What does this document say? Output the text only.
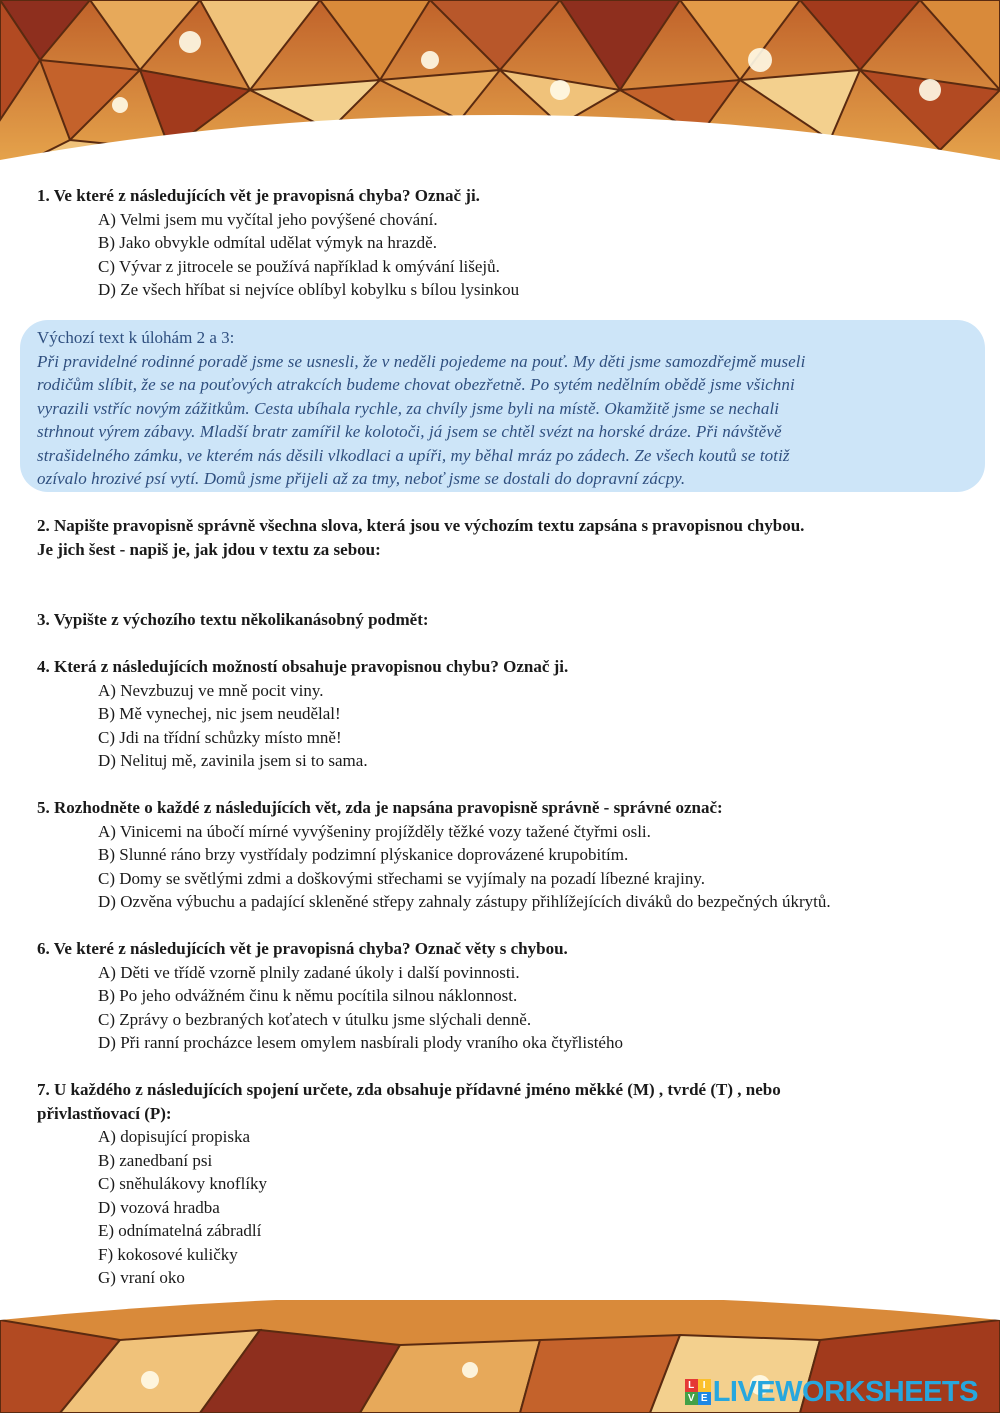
1. Ve které z následujících vět je pravopisná chyba? Označ ji.
A) Velmi jsem mu vyčítal jeho povýšené chování.
B) Jako obvykle odmítal udělat výmyk na hrazdě.
C) Vývar z jitrocele se používá například k omývání lišejů.
D) Ze všech hříbat si nejvíce oblíbyl kobylku s bílou lysinkou
Výchozí text k úlohám 2 a 3:
Při pravidelné rodinné poradě jsme se usnesli, že v neděli pojedeme na pouť. My děti jsme samozdřejmě museli
rodičům slíbit, že se na pouťových atrakcích budeme chovat obezřetně. Po sytém nedělním obědě jsme všichni
vyrazili vstříc novým zážitkům. Cesta ubíhala rychle, za chvíly jsme byli na místě. Okamžitě jsme se nechali
strhnout výrem zábavy. Mladší bratr zamířil ke kolotoči, já jsem se chtěl svézt na horské dráze. Při návštěvě
strašidelného zámku, ve kterém nás děsili vlkodlaci a upíři, my běhal mráz po zádech. Ze všech koutů se totiž
ozívalo hrozivé psí vytí. Domů jsme přijeli až za tmy, neboť jsme se dostali do dopravní zácpy.
2. Napište pravopisně správně všechna slova, která jsou ve výchozím textu zapsána s pravopisnou chybou.
Je jich šest - napiš je, jak jdou v textu za sebou:
3. Vypište z výchozího textu několikanásobný podmět:
4. Která z následujících možností obsahuje pravopisnou chybu? Označ ji.
A) Nevzbuzuj ve mně pocit viny.
B) Mě vynechej, nic jsem neudělal!
C) Jdi na třídní schůzky místo mně!
D) Nelituj mě, zavinila jsem si to sama.
5. Rozhodněte o každé z následujících vět, zda je napsána pravopisně správně - správné označ:
A) Vinicemi na úbočí mírné vyvýšeniny projížděly těžké vozy tažené čtyřmi osli.
B) Slunné ráno brzy vystřídaly podzimní plýskanice doprovázené krupobitím.
C) Domy se světlými zdmi a doškovými střechami se vyjímaly na pozadí líbezné krajiny.
D) Ozvěna výbuchu a padající skleněné střepy zahnaly zástupy přihlížejících diváků do bezpečných úkrytů.
6. Ve které z následujících vět je pravopisná chyba? Označ věty s chybou.
A) Děti ve třídě vzorně plnily zadané úkoly i další povinnosti.
B) Po jeho odvážném činu k němu pocítila silnou náklonnost.
C) Zprávy o bezbraných koťatech v útulku jsme slýchali denně.
D) Při ranní procházce lesem omylem nasbírali plody vraního oka čtyřlistého
7. U každého z následujících spojení určete, zda obsahuje přídavné jméno měkké (M) , tvrdé (T) , nebo
přivlastňovací (P):
A) dopisující propiska
B) zanedbaní psi
C) sněhulákovy knoflíky
D) vozová hradba
E) odnímatelná zábradlí
F) kokosové kuličky
G) vraní oko
L I
V E LIVEWORKSHEETS
